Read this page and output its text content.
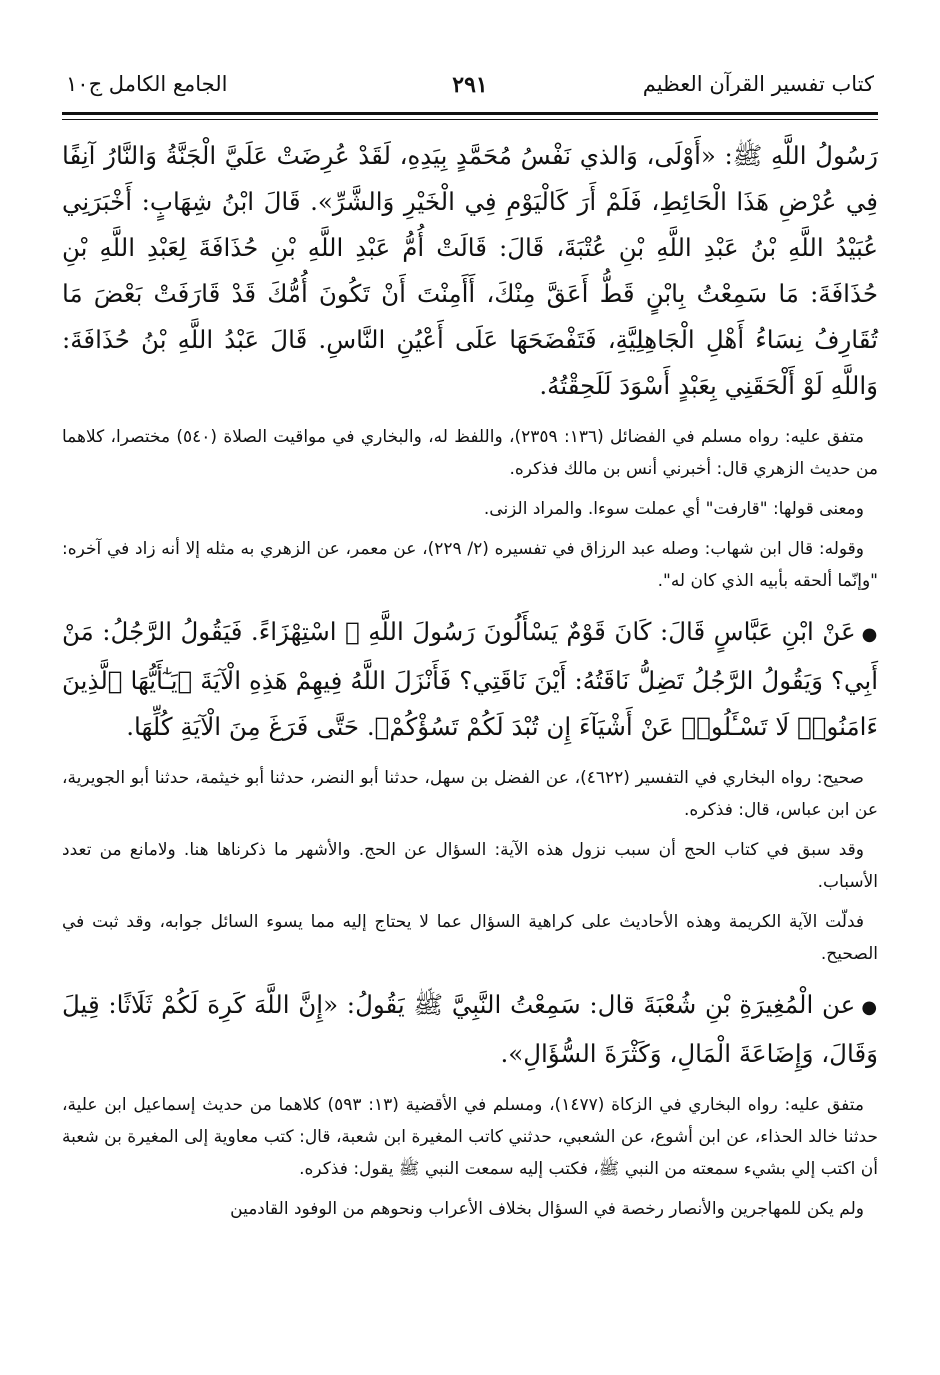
كتاب تفسير القرآن العظيم
٢٩١
الجامع الكامل ج١٠

رَسُولُ اللَّهِ ﷺ: «أَوْلَى، وَالذي نَفْسُ مُحَمَّدٍ بِيَدِهِ، لَقَدْ عُرِضَتْ عَلَيَّ الْجَنَّةُ وَالنَّارُ آنِفًا فِي عُرْضِ هَذَا الْحَائِطِ، فَلَمْ أَرَ كَالْيَوْمِ فِي الْخَيْرِ وَالشَّرِّ». قَالَ ابْنُ شِهَابٍ: أَخْبَرَنِي عُبَيْدُ اللَّهِ بْنُ عَبْدِ اللَّهِ بْنِ عُتْبَةَ، قَالَ: قَالَتْ أُمُّ عَبْدِ اللَّهِ بْنِ حُذَافَةَ لِعَبْدِ اللَّهِ بْنِ حُذَافَةَ: مَا سَمِعْتُ بِابْنٍ قَطُّ أَعَقَّ مِنْكَ، أَأَمِنْتَ أَنْ تَكُونَ أُمُّكَ قَدْ قَارَفَتْ بَعْضَ مَا تُقَارِفُ نِسَاءُ أَهْلِ الْجَاهِلِيَّةِ، فَتَفْضَحَهَا عَلَى أَعْيُنِ النَّاسِ. قَالَ عَبْدُ اللَّهِ بْنُ حُذَافَةَ: وَاللَّهِ لَوْ أَلْحَقَنِي بِعَبْدٍ أَسْوَدَ لَلَحِقْتُهُ.

متفق عليه: رواه مسلم في الفضائل (١٣٦: ٢٣٥٩)، واللفظ له، والبخاري في مواقيت الصلاة (٥٤٠) مختصرا، كلاهما من حديث الزهري قال: أخبرني أنس بن مالك فذكره.

ومعنى قولها: "قارفت" أي عملت سوءا. والمراد الزنى.

وقوله: قال ابن شهاب: وصله عبد الرزاق في تفسيره (٢/ ٢٢٩)، عن معمر، عن الزهري به مثله إلا أنه زاد في آخره: "وإنّما ألحقه بأبيه الذي كان له".

●عَنْ ابْنِ عَبَّاسٍ قَالَ: كَانَ قَوْمٌ يَسْأَلُونَ رَسُولَ اللَّهِ ﷺ اسْتِهْزَاءً. فَيَقُولُ الرَّجُلُ: مَنْ أَبِي؟ وَيَقُولُ الرَّجُلُ تَضِلُّ نَاقَتُهُ: أَيْنَ نَاقَتِي؟ فَأَنْزَلَ اللَّهُ فِيهِمْ هَذِهِ الْآيَةَ ﴿يَـٰٓأَيُّهَا ٱلَّذِينَ ءَامَنُوا۟ لَا تَسْـَٔلُوا۟ عَنْ أَشْيَآءَ إِن تُبْدَ لَكُمْ تَسُؤْكُمْ﴾. حَتَّى فَرَغَ مِنَ الْآيَةِ كُلِّهَا.

صحيح: رواه البخاري في التفسير (٤٦٢٢)، عن الفضل بن سهل، حدثنا أبو النضر، حدثنا أبو خيثمة، حدثنا أبو الجويرية، عن ابن عباس، قال: فذكره.

وقد سبق في كتاب الحج أن سبب نزول هذه الآية: السؤال عن الحج. والأشهر ما ذكرناها هنا. ولامانع من تعدد الأسباب.

فدلّت الآية الكريمة وهذه الأحاديث على كراهية السؤال عما لا يحتاج إليه مما يسوء السائل جوابه، وقد ثبت في الصحيح.

●عن الْمُغِيرَةِ بْنِ شُعْبَةَ قال: سَمِعْتُ النَّبِيَّ ﷺ يَقُولُ: «إِنَّ اللَّهَ كَرِهَ لَكُمْ ثَلَاثًا: قِيلَ وَقَالَ، وَإِضَاعَةَ الْمَالِ، وَكَثْرَةَ السُّؤَالِ».

متفق عليه: رواه البخاري في الزكاة (١٤٧٧)، ومسلم في الأقضية (١٣: ٥٩٣) كلاهما من حديث إسماعيل ابن علية، حدثنا خالد الحذاء، عن ابن أشوع، عن الشعبي، حدثني كاتب المغيرة ابن شعبة، قال: كتب معاوية إلى المغيرة بن شعبة أن اكتب إلي بشيء سمعته من النبي ﷺ، فكتب إليه سمعت النبي ﷺ يقول: فذكره.

ولم يكن للمهاجرين والأنصار رخصة في السؤال بخلاف الأعراب ونحوهم من الوفود القادمين
